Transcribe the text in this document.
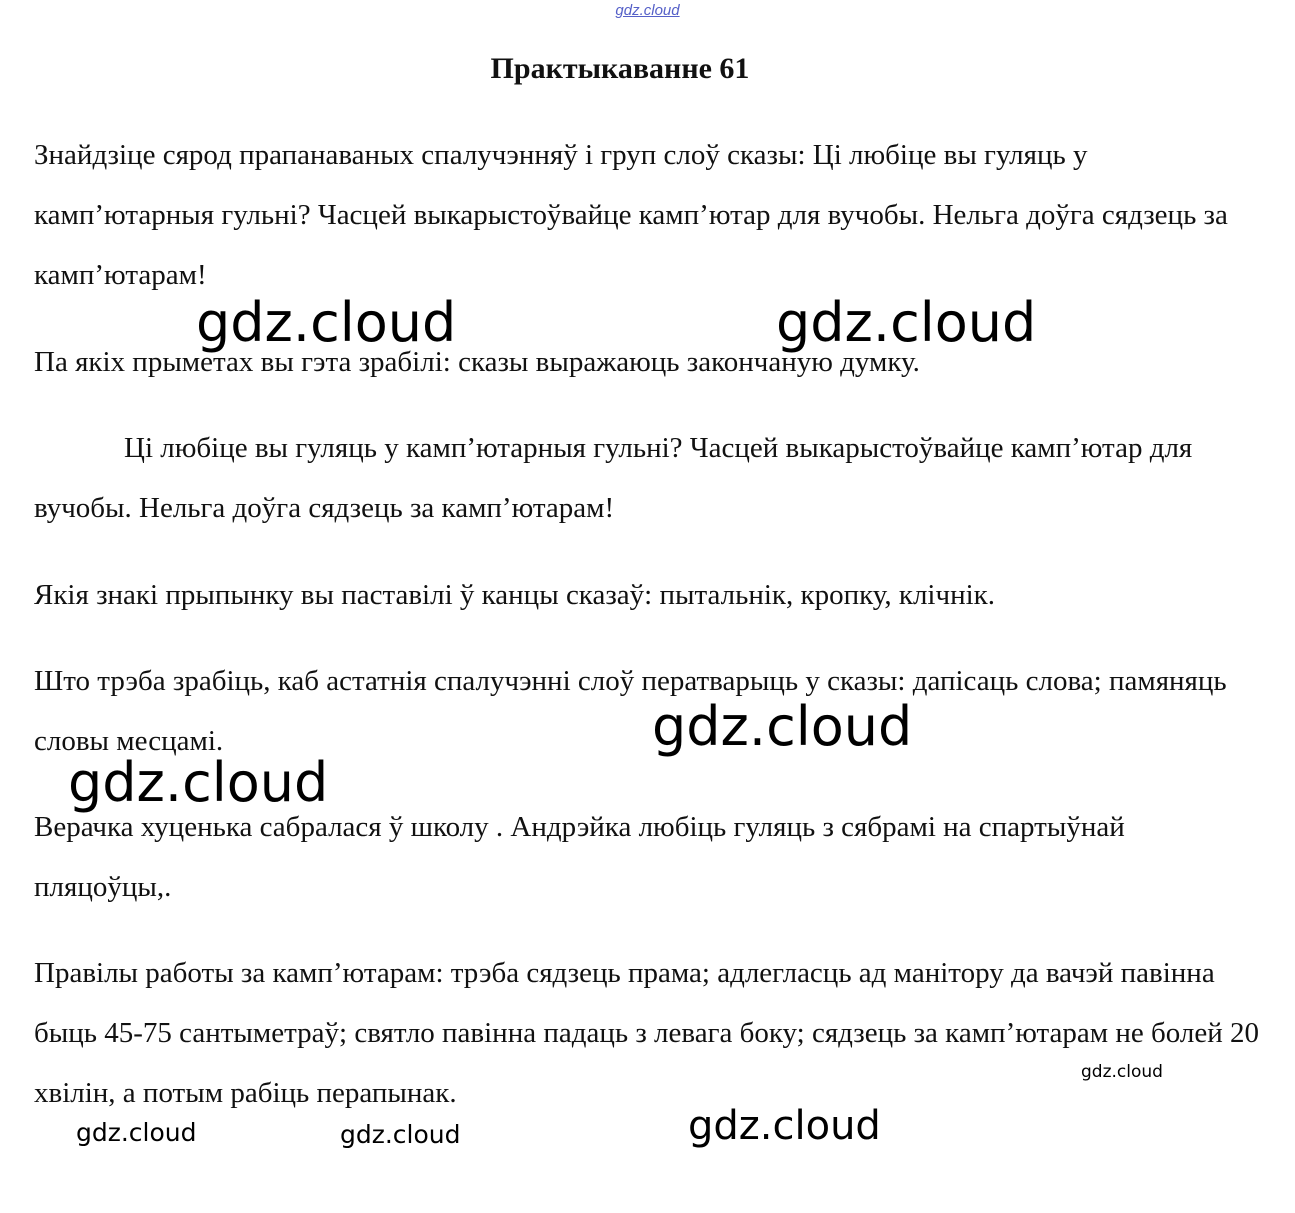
gdz.cloud
Практыкаванне 61

Знайдзіце сярод прапанаваных спалучэнняў і груп слоў сказы: Ці любіце вы гуляць у камп’ютарныя гульні? Часцей выкарыстоўвайце камп’ютар для вучобы. Нельга доўга сядзець за камп’ютарам!

Па якіх прыметах вы гэта зрабілі: сказы выражаюць закончаную думку.

Ці любіце вы гуляць у камп’ютарныя гульні? Часцей выкарыстоўвайце камп’ютар для вучобы. Нельга доўга сядзець за камп’ютарам!

Якія знакі прыпынку вы паставілі ў канцы сказаў: пытальнік, кропку, клічнік.

Што трэба зрабіць, каб астатнія спалучэнні слоў ператварыць у сказы: дапісаць слова; памяняць словы месцамі.

Верачка хуценька сабралася ў школу . Андрэйка любіць гуляць з сябрамі на спартыўнай пляцоўцы,.

Правілы работы за камп’ютарам: трэба сядзець прама; адлегласць ад манітору да вачэй павінна быць 45-75 сантыметраў; святло павінна падаць з левага боку; сядзець за камп’ютарам не болей 20 хвілін, а потым рабіць перапынак.

gdz.cloud	gdz.cloud
gdz.cloud
gdz.cloud
gdz.cloud
gdz.cloud
gdz.cloud	gdz.cloud
